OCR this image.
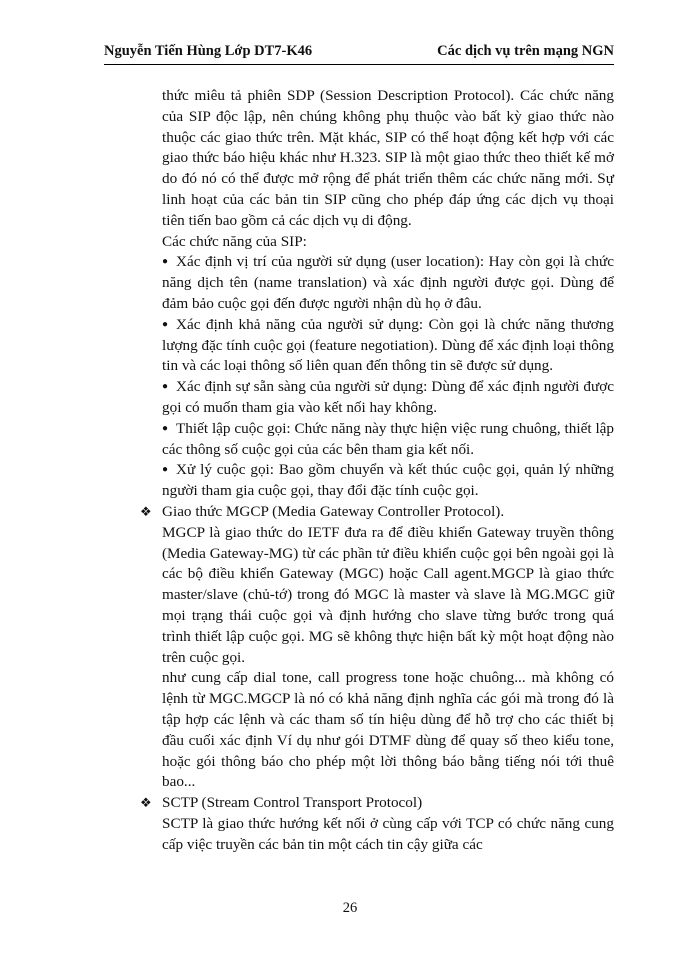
Nguyễn Tiến Hùng Lớp DT7-K46	Các dịch vụ trên mạng NGN

thức miêu tả phiên SDP (Session Description Protocol). Các chức năng của SIP độc lập, nên chúng không phụ thuộc vào bất kỳ giao thức nào thuộc các giao thức trên. Mặt khác, SIP có thể hoạt động kết hợp với các giao thức báo hiệu khác như H.323. SIP là một giao thức theo thiết kế mở do đó nó có thể được mở rộng để phát triển thêm các chức năng mới. Sự linh hoạt của các bản tin SIP cũng cho phép đáp ứng các dịch vụ thoại tiên tiến bao gồm cả các dịch vụ di động.

Các chức năng của SIP:

● Xác định vị trí của người sử dụng (user location): Hay còn gọi là chức năng dịch tên (name translation) và xác định người được gọi. Dùng để đảm bảo cuộc gọi đến được người nhận dù họ ở đâu.

● Xác định khả năng của người sử dụng: Còn gọi là chức năng thương lượng đặc tính cuộc gọi (feature negotiation). Dùng để xác định loại thông tin và các loại thông số liên quan đến thông tin sẽ được sử dụng.

● Xác định sự sẵn sàng của người sử dụng: Dùng để xác định người được gọi có muốn tham gia vào kết nối hay không.

● Thiết lập cuộc gọi: Chức năng này thực hiện việc rung chuông, thiết lập các thông số cuộc gọi của các bên tham gia kết nối.

● Xử lý cuộc gọi: Bao gồm chuyển và kết thúc cuộc gọi, quản lý những người tham gia cuộc gọi, thay đổi đặc tính cuộc gọi.

❖ Giao thức MGCP (Media Gateway Controller Protocol).

MGCP là giao thức do IETF đưa ra để điều khiển Gateway truyền thông (Media Gateway-MG) từ các phần tử điều khiển cuộc gọi bên ngoài gọi là các bộ điều khiển Gateway (MGC) hoặc Call agent.MGCP là giao thức master/slave (chủ-tớ) trong đó MGC là master và slave là MG.MGC giữ mọi trạng thái cuộc gọi và định hướng cho slave từng bước trong quá trình thiết lập cuộc gọi. MG sẽ không thực hiện bất kỳ một hoạt động nào trên cuộc gọi.

như cung cấp dial tone, call progress tone hoặc chuông... mà không có lệnh từ MGC.MGCP là nó có khả năng định nghĩa các gói mà trong đó là tập hợp các lệnh và các tham số tín hiệu dùng để hỗ trợ cho các thiết bị đầu cuối xác định Ví dụ như gói DTMF dùng để quay số theo kiểu tone, hoặc gói thông báo cho phép một lời thông báo bằng tiếng nói tới thuê bao...

❖ SCTP (Stream Control Transport Protocol)

SCTP là giao thức hướng kết nối ở cùng cấp với TCP có chức năng cung cấp việc truyền các bản tin một cách tin cậy giữa các

26
